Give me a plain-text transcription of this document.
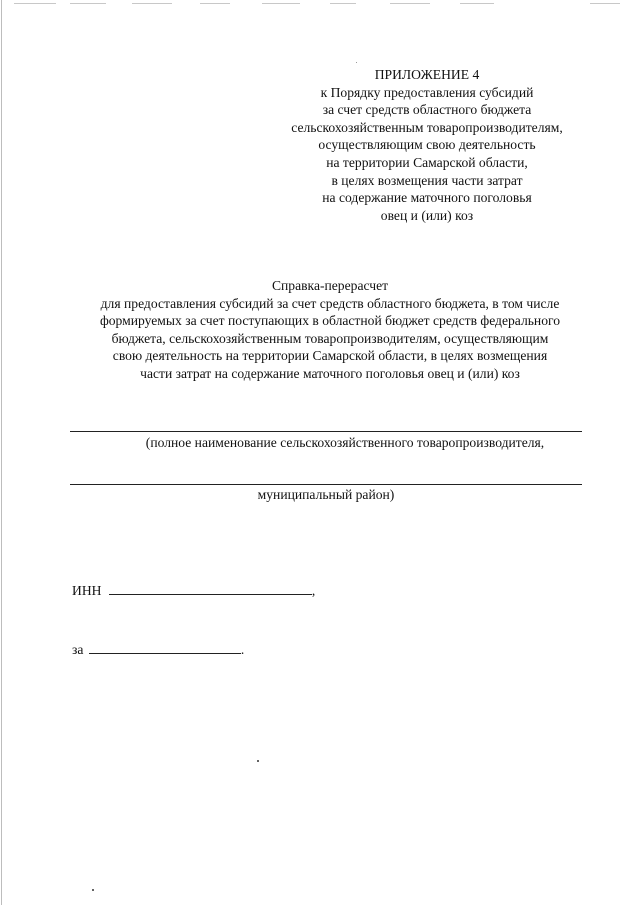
ПРИЛОЖЕНИЕ 4
к Порядку предоставления субсидий
за счет средств областного бюджета
сельскохозяйственным товаропроизводителям,
осуществляющим свою деятельность
на территории Самарской области,
в целях возмещения части затрат
на содержание маточного поголовья
овец и (или) коз
Справка-перерасчет
для предоставления субсидий за счет средств областного бюджета, в том числе
формируемых за счет поступающих в областной бюджет средств федерального
бюджета, сельскохозяйственным товаропроизводителям, осуществляющим
свою деятельность на территории Самарской области, в целях возмещения
части затрат на содержание маточного поголовья овец и (или) коз
(полное наименование сельскохозяйственного товаропроизводителя,
муниципальный район)
ИНН	,
за	.
